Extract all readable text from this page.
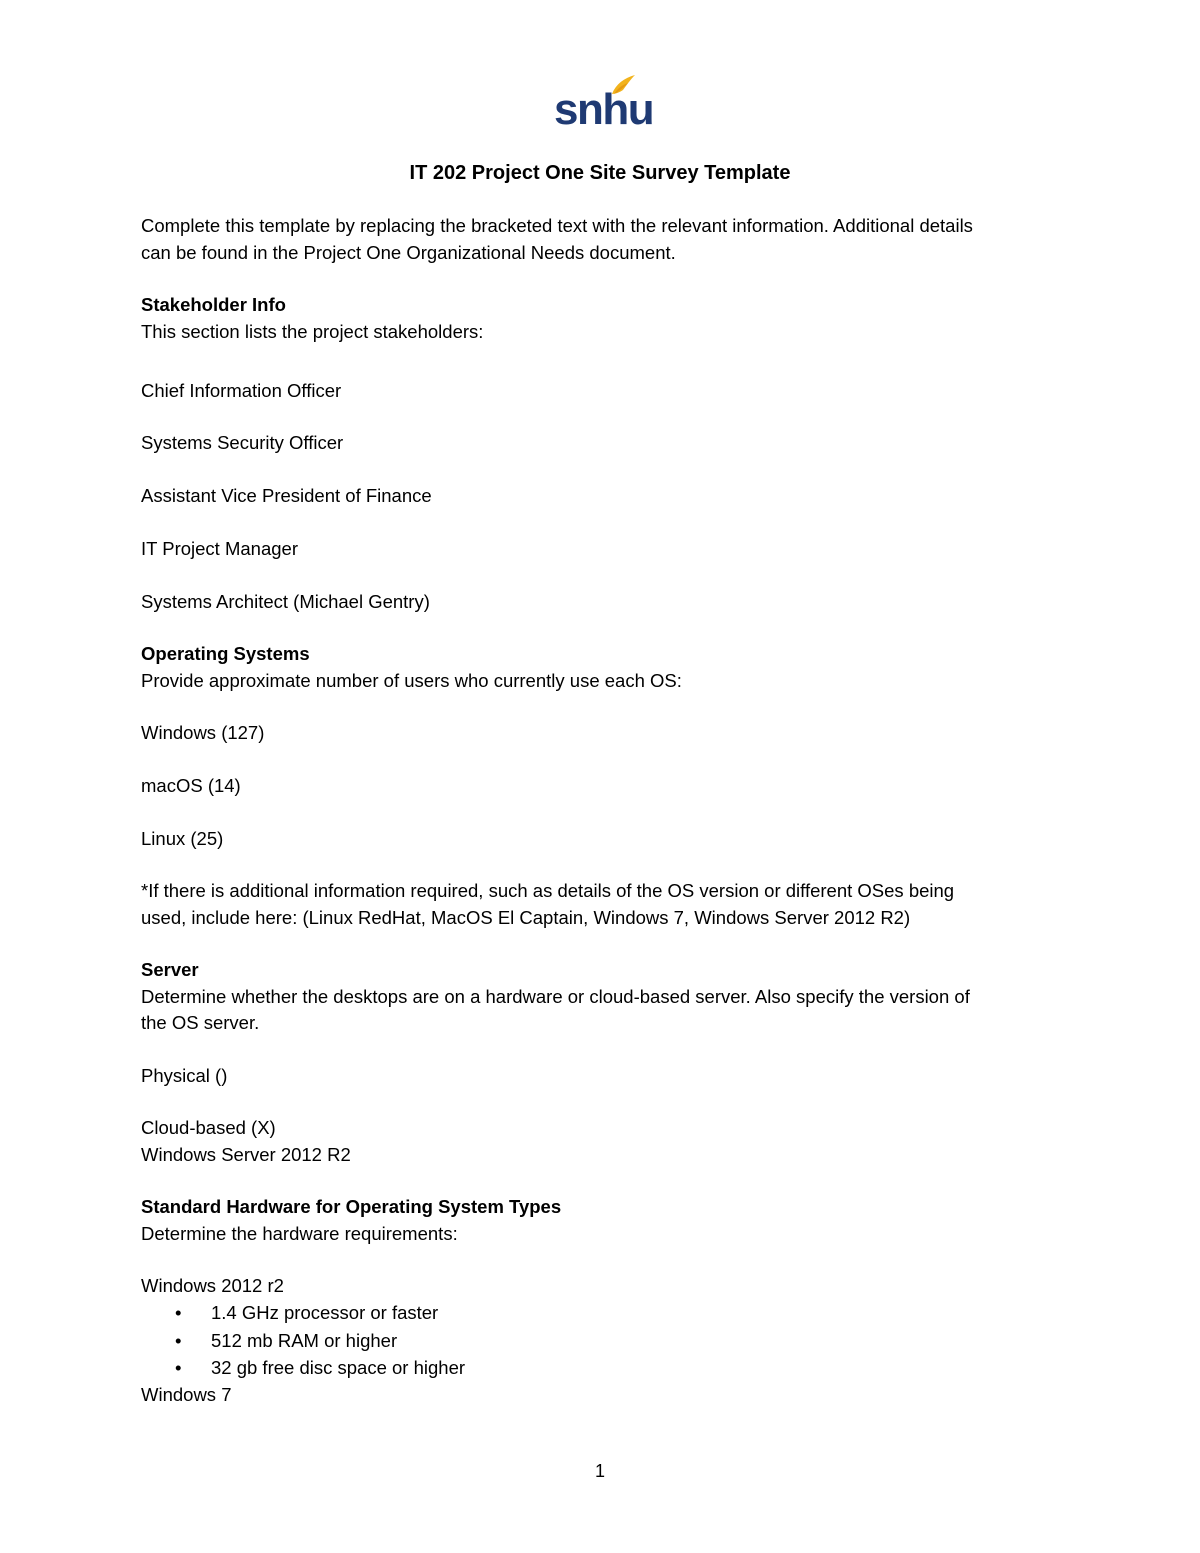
snhu
IT 202 Project One Site Survey Template
Complete this template by replacing the bracketed text with the relevant information. Additional details
can be found in the Project One Organizational Needs document.
Stakeholder Info
This section lists the project stakeholders:
Chief Information Officer
Systems Security Officer
Assistant Vice President of Finance
IT Project Manager
Systems Architect (Michael Gentry)
Operating Systems
Provide approximate number of users who currently use each OS:
Windows (127)
macOS (14)
Linux (25)
*If there is additional information required, such as details of the OS version or different OSes being
used, include here: (Linux RedHat, MacOS El Captain, Windows 7, Windows Server 2012 R2)
Server
Determine whether the desktops are on a hardware or cloud-based server. Also specify the version of
the OS server.
Physical ()
Cloud-based (X)
Windows Server 2012 R2
Standard Hardware for Operating System Types
Determine the hardware requirements:
Windows 2012 r2
• 1.4 GHz processor or faster
• 512 mb RAM or higher
• 32 gb free disc space or higher
Windows 7
1
